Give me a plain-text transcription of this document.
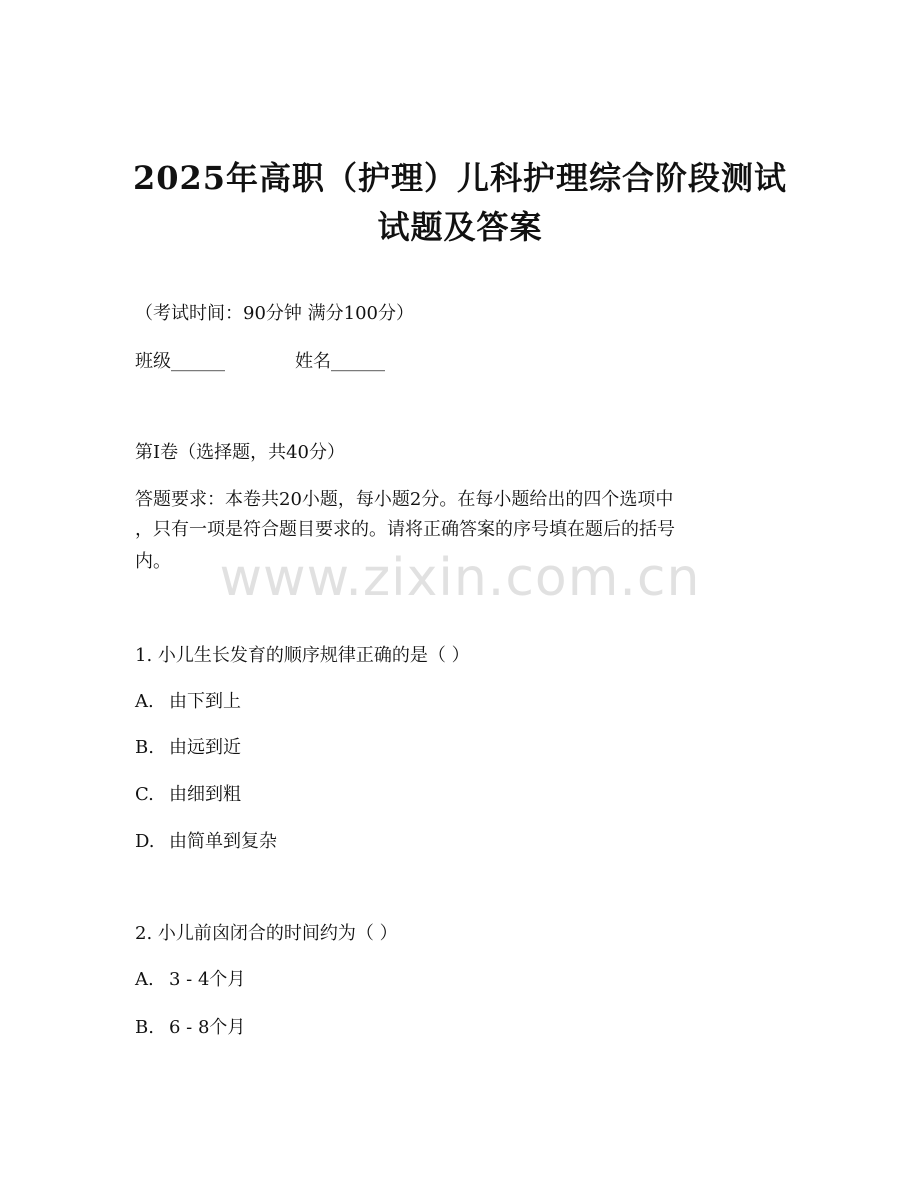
2025年高职（护理）儿科护理综合阶段测试
试题及答案
（考试时间：90分钟 满分100分）
班级______	姓名______
第I卷（选择题，共40分）
答题要求：本卷共20小题，每小题2分。在每小题给出的四个选项中
，只有一项是符合题目要求的。请将正确答案的序号填在题后的括号
内。 www.zixin.com.cn
1. 小儿生长发育的顺序规律正确的是（ ）
A. 由下到上
B. 由远到近
C. 由细到粗
D. 由简单到复杂
2. 小儿前囟闭合的时间约为（ ）
A. 3 - 4个月
B. 6 - 8个月
